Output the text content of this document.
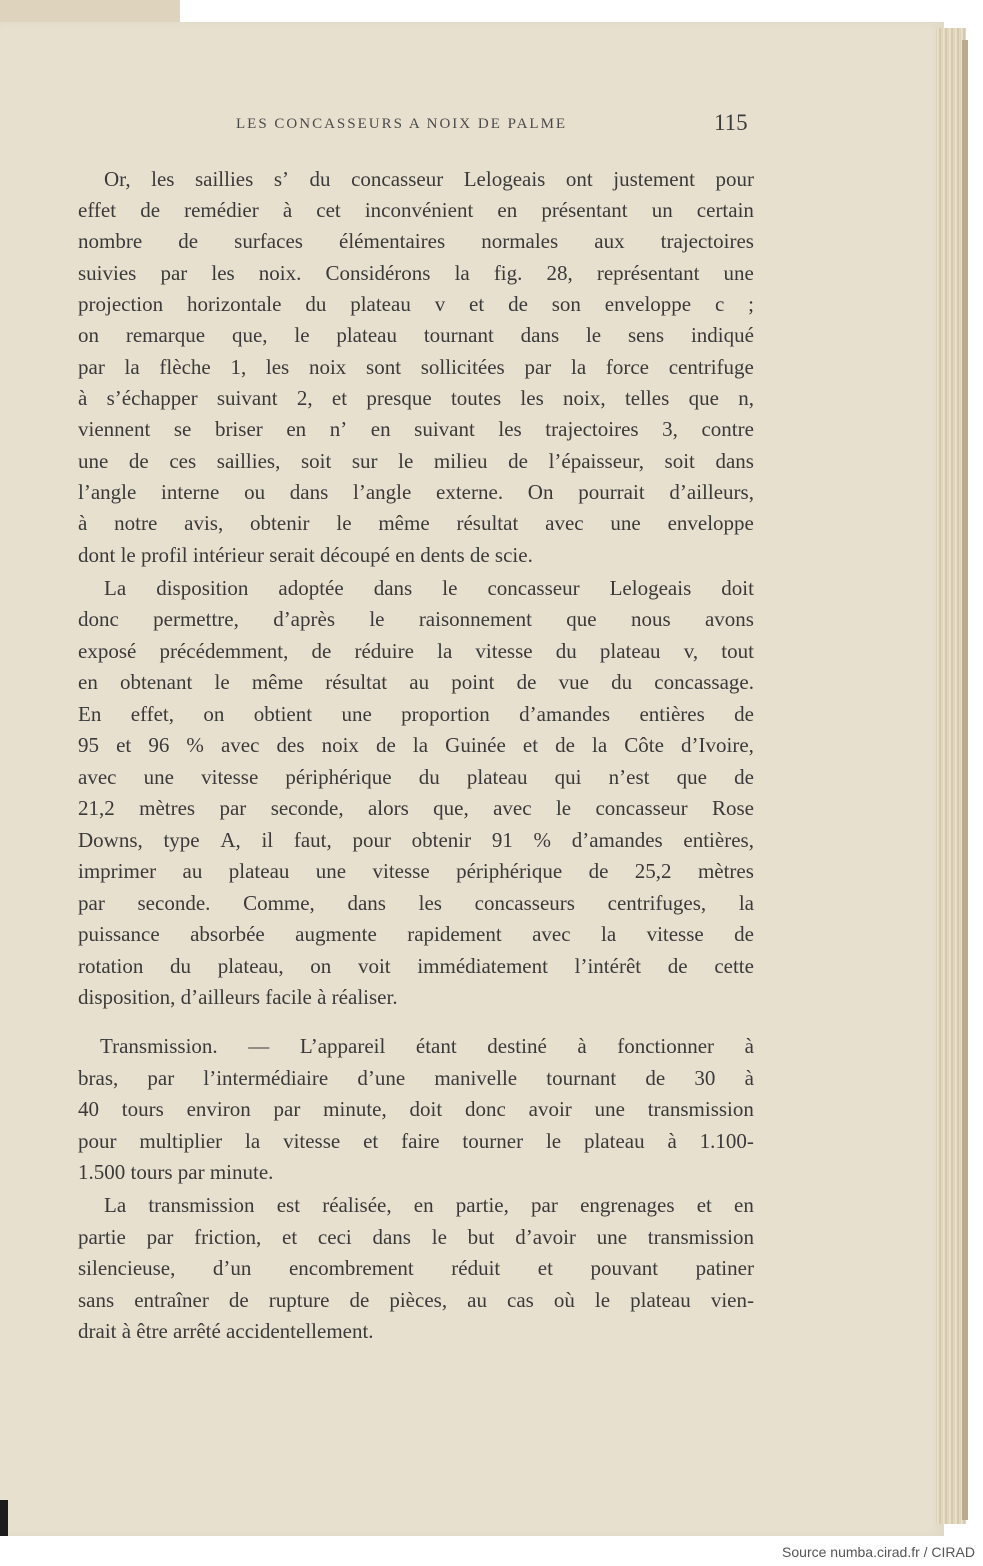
LES CONCASSEURS A NOIX DE PALME	115
Or, les saillies s’ du concasseur Lelogeais ont justement pour
effet de remédier à cet inconvénient en présentant un certain
nombre de surfaces élémentaires normales aux trajectoires
suivies par les noix. Considérons la fig. 28, représentant une
projection horizontale du plateau v et de son enveloppe c ;
on remarque que, le plateau tournant dans le sens indiqué
par la flèche 1, les noix sont sollicitées par la force centrifuge
à s’échapper suivant 2, et presque toutes les noix, telles que n,
viennent se briser en n’ en suivant les trajectoires 3, contre
une de ces saillies, soit sur le milieu de l’épaisseur, soit dans
l’angle interne ou dans l’angle externe. On pourrait d’ailleurs,
à notre avis, obtenir le même résultat avec une enveloppe
dont le profil intérieur serait découpé en dents de scie.
La disposition adoptée dans le concasseur Lelogeais doit
donc permettre, d’après le raisonnement que nous avons
exposé précédemment, de réduire la vitesse du plateau v, tout
en obtenant le même résultat au point de vue du concassage.
En effet, on obtient une proportion d’amandes entières de
95 et 96 % avec des noix de la Guinée et de la Côte d’Ivoire,
avec une vitesse périphérique du plateau qui n’est que de
21,2 mètres par seconde, alors que, avec le concasseur Rose
Downs, type A, il faut, pour obtenir 91 % d’amandes entières,
imprimer au plateau une vitesse périphérique de 25,2 mètres
par seconde. Comme, dans les concasseurs centrifuges, la
puissance absorbée augmente rapidement avec la vitesse de
rotation du plateau, on voit immédiatement l’intérêt de cette
disposition, d’ailleurs facile à réaliser.
Transmission. — L’appareil étant destiné à fonctionner à
bras, par l’intermédiaire d’une manivelle tournant de 30 à
40 tours environ par minute, doit donc avoir une transmission
pour multiplier la vitesse et faire tourner le plateau à 1.100-
1.500 tours par minute.
La transmission est réalisée, en partie, par engrenages et en
partie par friction, et ceci dans le but d’avoir une transmission
silencieuse, d’un encombrement réduit et pouvant patiner
sans entraîner de rupture de pièces, au cas où le plateau vien-
drait à être arrêté accidentellement.
Source numba.cirad.fr / CIRAD
